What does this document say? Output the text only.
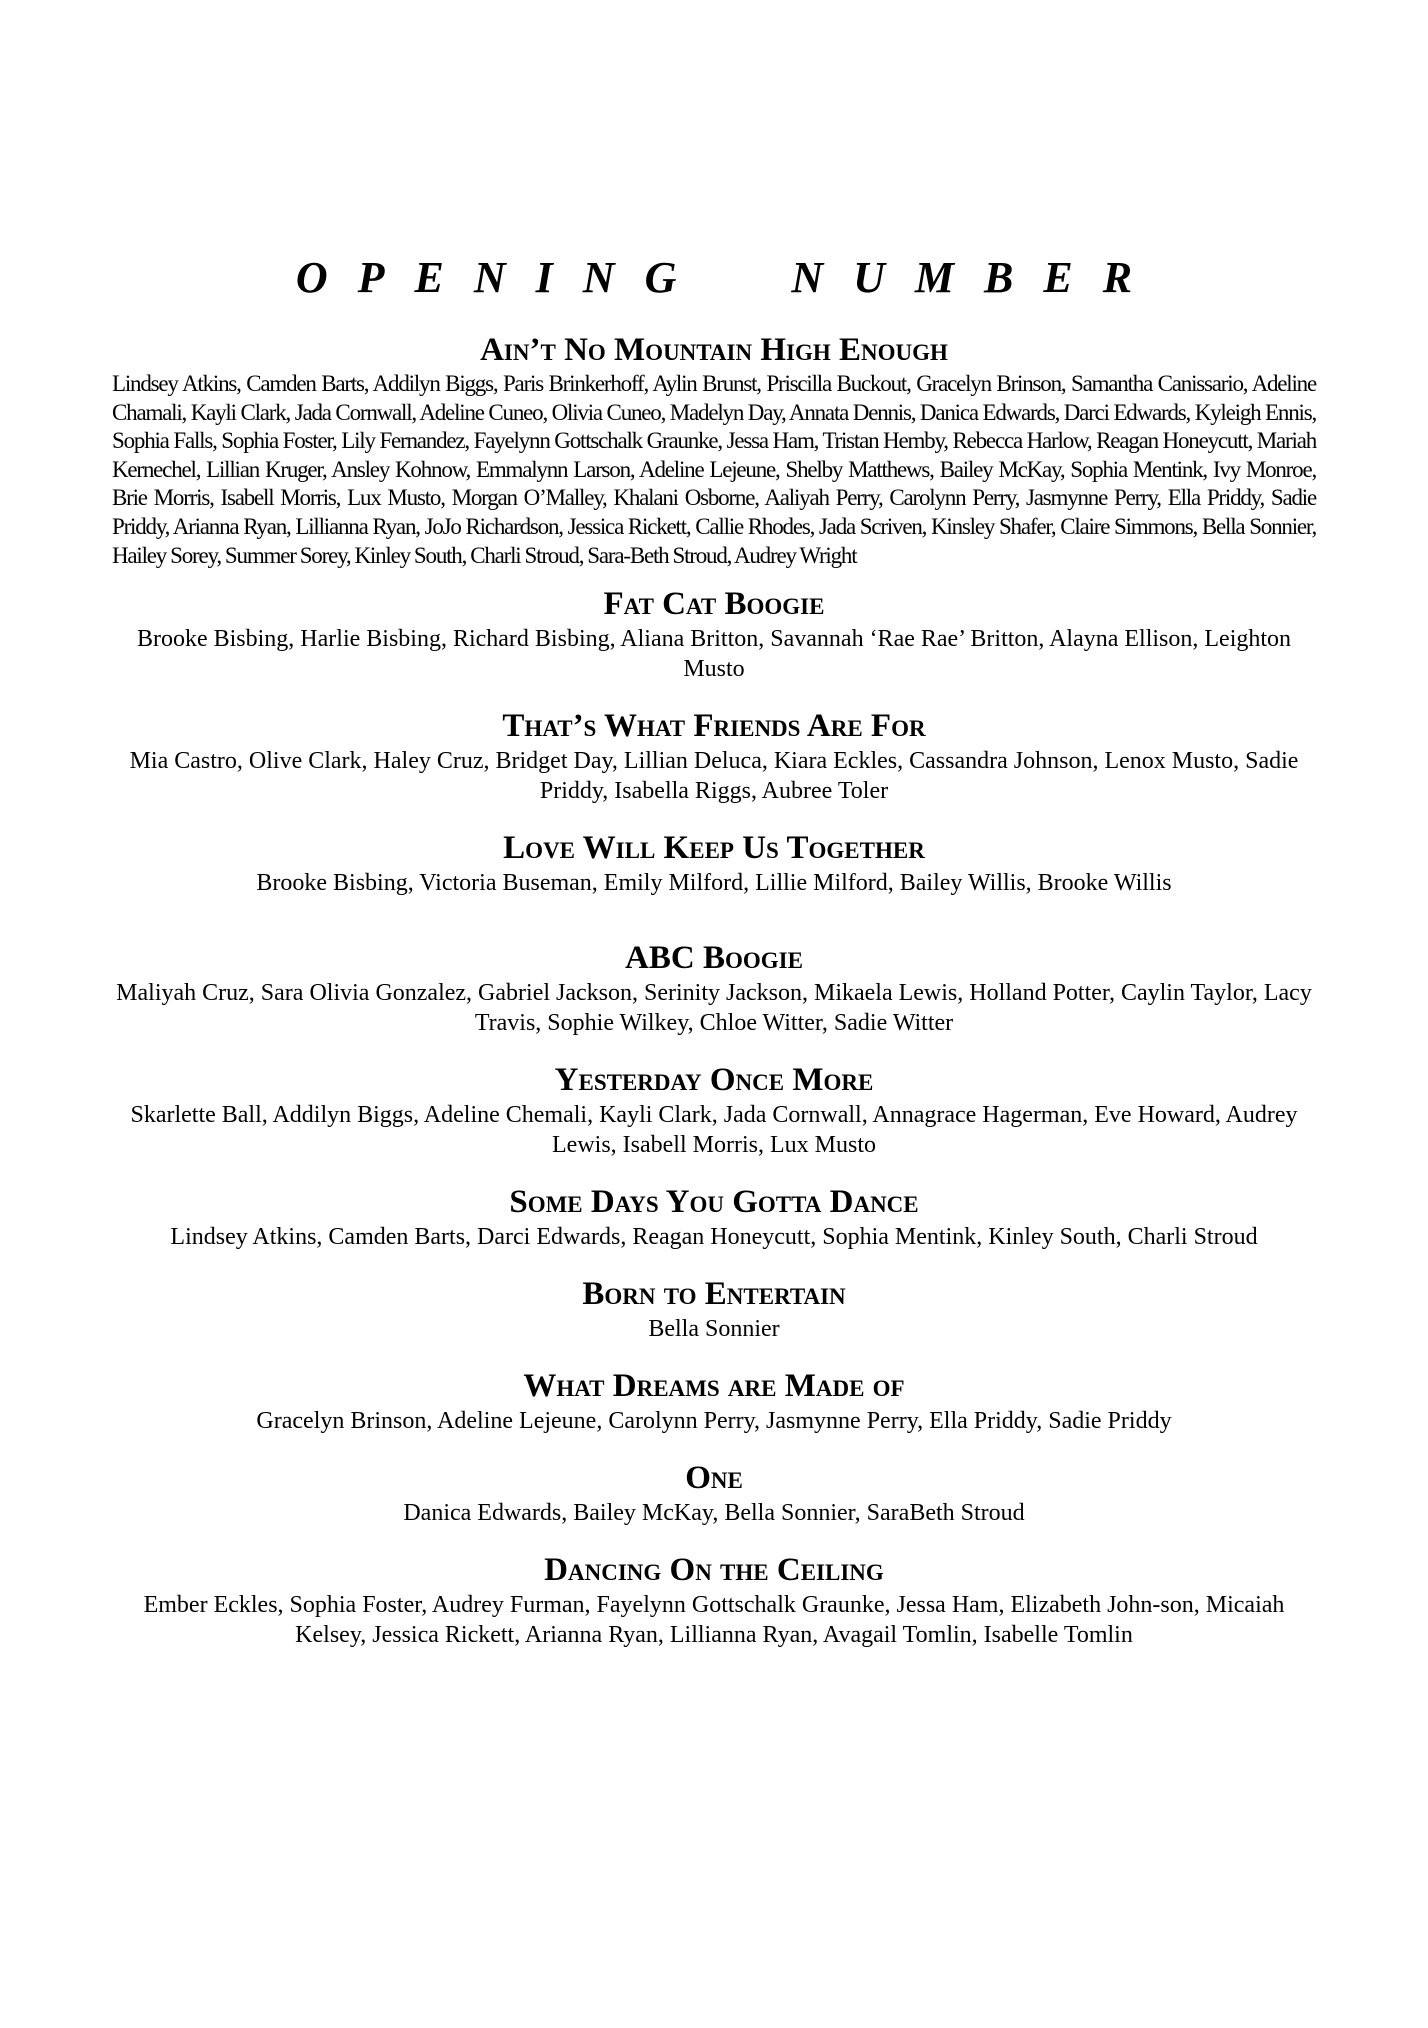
OPENING NUMBER
Ain’t No Mountain High Enough

Lindsey Atkins, Camden Barts, Addilyn Biggs, Paris Brinkerhoff, Aylin Brunst, Priscilla Buckout, Gracelyn Brinson, Samantha Canissario, Adeline Chamali, Kayli Clark, Jada Cornwall, Adeline Cuneo, Olivia Cuneo, Madelyn Day, Annata Dennis, Danica Edwards, Darci Edwards, Kyleigh Ennis, Sophia Falls, Sophia Foster, Lily Fernandez, Fayelynn Gottschalk Graunke, Jessa Ham, Tristan Hemby, Rebecca Harlow, Reagan Honeycutt, Mariah Kernechel, Lillian Kruger, Ansley Kohnow, Emmalynn Larson, Adeline Lejeune, Shelby Matthews, Bailey McKay, Sophia Mentink, Ivy Monroe, Brie Morris, Isabell Morris, Lux Musto, Morgan O’Malley, Khalani Osborne, Aaliyah Perry, Carolynn Perry, Jasmynne Perry, Ella Priddy, Sadie Priddy, Arianna Ryan, Lillianna Ryan, JoJo Richardson, Jessica Rickett, Callie Rhodes, Jada Scriven, Kinsley Shafer, Claire Simmons, Bella Sonnier, Hailey Sorey, Summer Sorey, Kinley South, Charli Stroud, Sara-Beth Stroud, Audrey Wright

Fat Cat Boogie

Brooke Bisbing, Harlie Bisbing, Richard Bisbing, Aliana Britton, Savannah ‘Rae Rae’ Britton, Alayna Ellison, Leighton Musto

That’s What Friends Are For

Mia Castro, Olive Clark, Haley Cruz, Bridget Day, Lillian Deluca, Kiara Eckles, Cassandra Johnson, Lenox Musto, Sadie Priddy, Isabella Riggs, Aubree Toler

Love Will Keep Us Together

Brooke Bisbing, Victoria Buseman, Emily Milford, Lillie Milford, Bailey Willis, Brooke Willis

ABC Boogie

Maliyah Cruz, Sara Olivia Gonzalez, Gabriel Jackson, Serinity Jackson, Mikaela Lewis, Holland Potter, Caylin Taylor, Lacy Travis, Sophie Wilkey, Chloe Witter, Sadie Witter

Yesterday Once More

Skarlette Ball, Addilyn Biggs, Adeline Chemali, Kayli Clark, Jada Cornwall, Annagrace Hagerman, Eve Howard, Audrey Lewis, Isabell Morris, Lux Musto

Some Days You Gotta Dance

Lindsey Atkins, Camden Barts, Darci Edwards, Reagan Honeycutt, Sophia Mentink, Kinley South, Charli Stroud

Born to Entertain

Bella Sonnier

What Dreams are Made of

Gracelyn Brinson, Adeline Lejeune, Carolynn Perry, Jasmynne Perry, Ella Priddy, Sadie Priddy

One

Danica Edwards, Bailey McKay, Bella Sonnier, SaraBeth Stroud

Dancing On the Ceiling

Ember Eckles, Sophia Foster, Audrey Furman, Fayelynn Gottschalk Graunke, Jessa Ham, Elizabeth John-son, Micaiah Kelsey, Jessica Rickett, Arianna Ryan, Lillianna Ryan, Avagail Tomlin, Isabelle Tomlin
